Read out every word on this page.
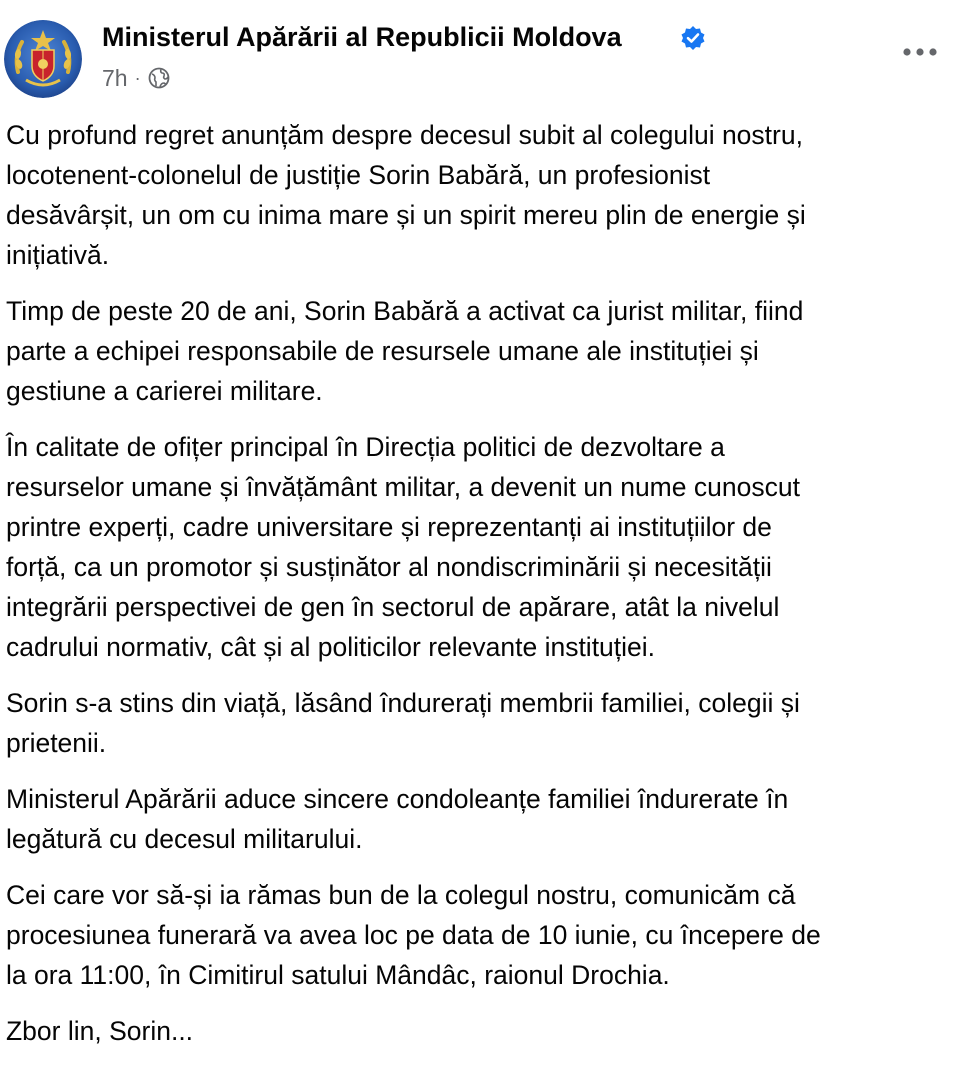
Ministerul Apărării al Republicii Moldova
7h ·

Cu profund regret anunțăm despre decesul subit al colegului nostru,
locotenent-colonelul de justiție Sorin Babără, un profesionist
desăvârșit, un om cu inima mare și un spirit mereu plin de energie și
inițiativă.

Timp de peste 20 de ani, Sorin Babără a activat ca jurist militar, fiind
parte a echipei responsabile de resursele umane ale instituției și
gestiune a carierei militare.

În calitate de ofițer principal în Direcția politici de dezvoltare a
resurselor umane și învățământ militar, a devenit un nume cunoscut
printre experți, cadre universitare și reprezentanți ai instituțiilor de
forță, ca un promotor și susținător al nondiscriminării și necesității
integrării perspectivei de gen în sectorul de apărare, atât la nivelul
cadrului normativ, cât și al politicilor relevante instituției.

Sorin s-a stins din viață, lăsând îndurerați membrii familiei, colegii și
prietenii.

Ministerul Apărării aduce sincere condoleanțe familiei îndurerate în
legătură cu decesul militarului.

Cei care vor să-și ia rămas bun de la colegul nostru, comunicăm că
procesiunea funerară va avea loc pe data de 10 iunie, cu începere de
la ora 11:00, în Cimitirul satului Mândâc, raionul Drochia.

Zbor lin, Sorin...
